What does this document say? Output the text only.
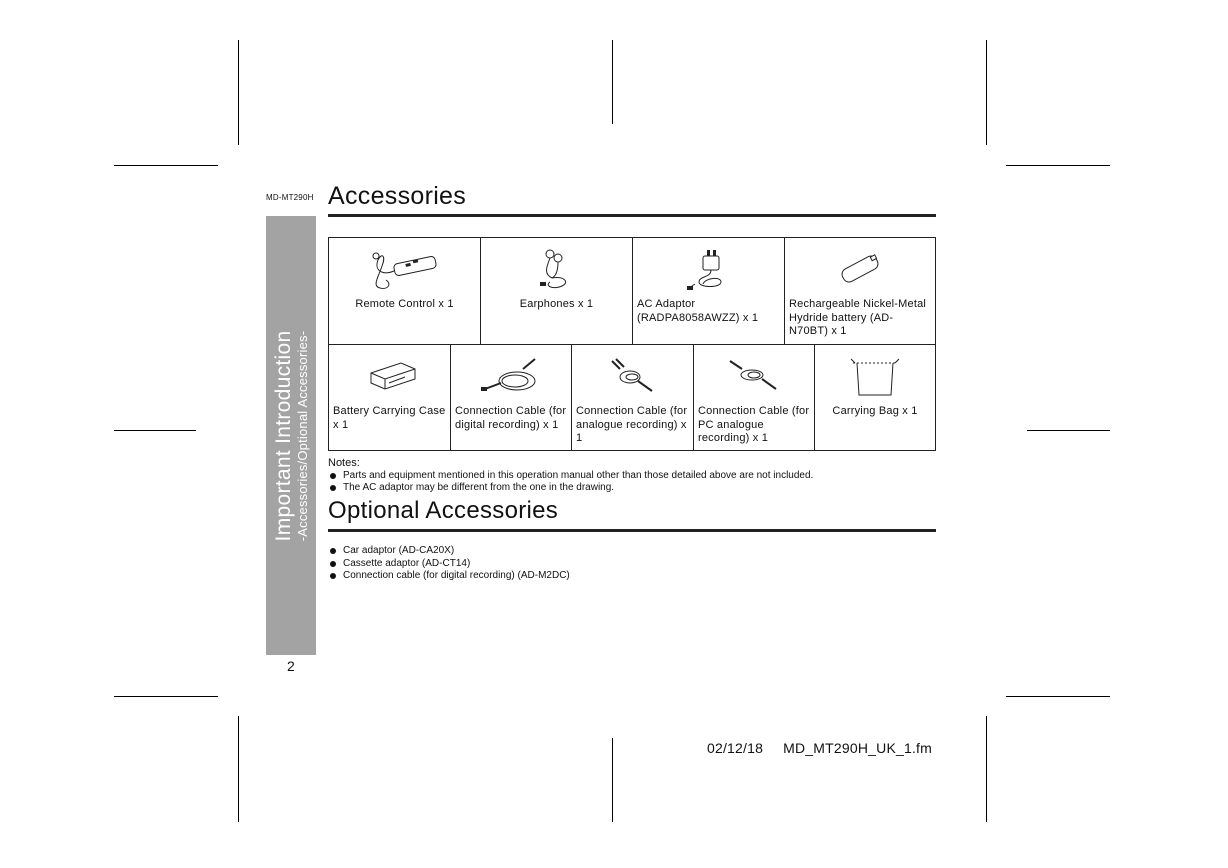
MD-MT290H Accessories
Important Introduction -Accessories/Optional Accessories-
2
Remote Control x 1	Earphones x 1	AC Adaptor (RADPA8058AWZZ) x 1
Rechargeable Nickel-Metal Hydride battery (AD-N70BT) x 1
Battery Carrying Case x 1
Connection Cable (for digital recording) x 1
Connection Cable (for analogue recording) x 1
Connection Cable (for PC analogue recording) x 1
Carrying Bag x 1
Notes:
Parts and equipment mentioned in this operation manual other than those detailed above are not included.
The AC adaptor may be different from the one in the drawing.
Optional Accessories
Car adaptor (AD-CA20X)
Cassette adaptor (AD-CT14)
Connection cable (for digital recording) (AD-M2DC)
02/12/18 MD_MT290H_UK_1.fm
